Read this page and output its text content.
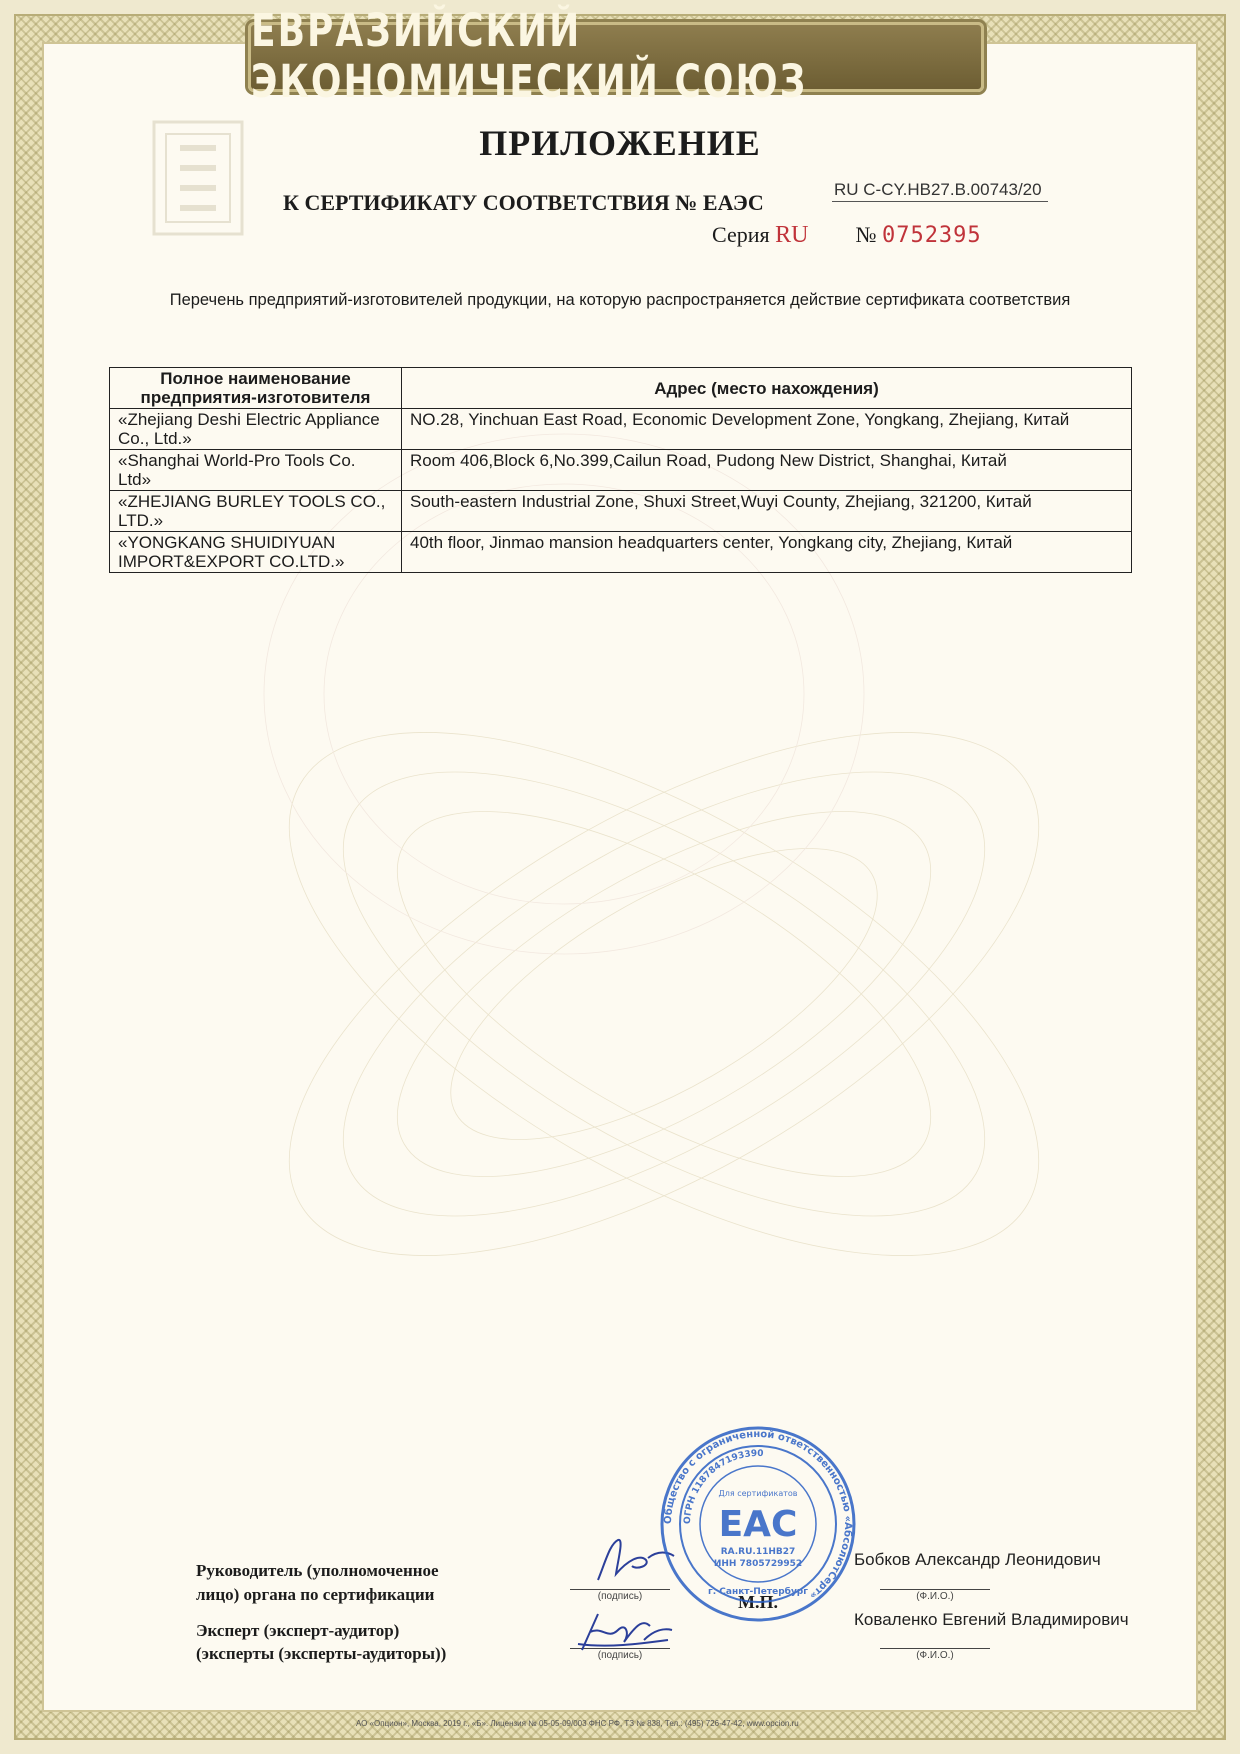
ЕВРАЗИЙСКИЙ ЭКОНОМИЧЕСКИЙ СОЮЗ
ПРИЛОЖЕНИЕ
К СЕРТИФИКАТУ СООТВЕТСТВИЯ № ЕАЭС
RU С-CY.НВ27.В.00743/20
Серия RU № 0752395
Перечень предприятий-изготовителей продукции, на которую распространяется действие сертификата соответствия
Полное наименование предприятия-изготовителя	Адрес (место нахождения)
«Zhejiang Deshi Electric Appliance Co., Ltd.»	NO.28, Yinchuan East Road, Economic Development Zone, Yongkang, Zhejiang, Китай
«Shanghai World-Pro Tools Co. Ltd»	Room 406,Block 6,No.399,Cailun Road, Pudong New District, Shanghai, Китай
«ZHEJIANG BURLEY TOOLS CO., LTD.»	South-eastern Industrial Zone, Shuxi Street,Wuyi County, Zhejiang, 321200, Китай
«YONGKANG SHUIDIYUAN IMPORT&EXPORT CO.LTD.»	40th floor, Jinmao mansion headquarters center, Yongkang city, Zhejiang, Китай
Руководитель (уполномоченное
лицо) органа по сертификации
Эксперт (эксперт-аудитор)
(эксперты (эксперты-аудиторы))
(подпись)
(подпись)
(Ф.И.О.)
(Ф.И.О.)
Бобков Александр Леонидович
Коваленко Евгений Владимирович
М.П.
Общество с ограниченной ответственностью «АбсолютСерт»
ОГРН 1187847193390
Для сертификатов
EAC
RA.RU.11НВ27
ИНН 7805729952
г. Санкт-Петербург
АО «Опцион», Москва, 2019 г., «Б». Лицензия № 05-05-09/003 ФНС РФ, ТЗ № 838, Тел.: (495) 726-47-42, www.opcion.ru
